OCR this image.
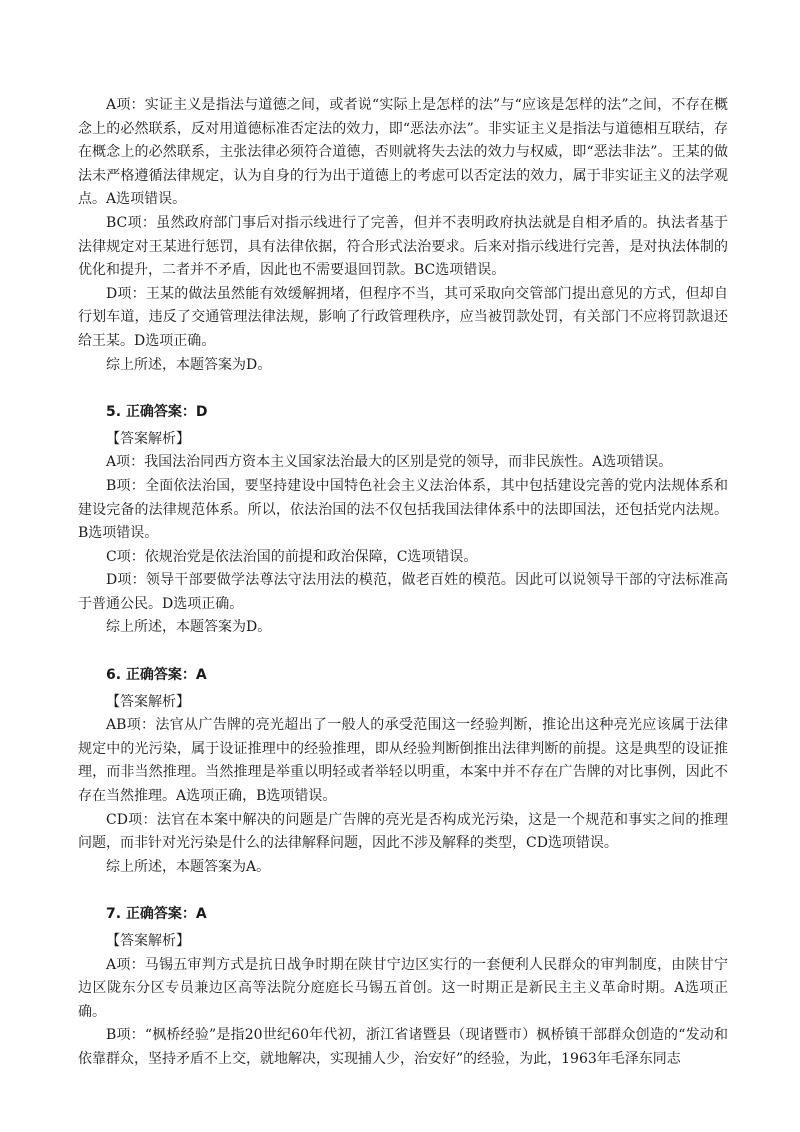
A项：实证主义是指法与道德之间，或者说“实际上是怎样的法”与“应该是怎样的法”之间，不存在概念上的必然联系，反对用道德标准否定法的效力，即“恶法亦法”。非实证主义是指法与道德相互联结，存在概念上的必然联系，主张法律必须符合道德，否则就将失去法的效力与权威，即“恶法非法”。王某的做法未严格遵循法律规定，认为自身的行为出于道德上的考虑可以否定法的效力，属于非实证主义的法学观点。A选项错误。

BC项：虽然政府部门事后对指示线进行了完善，但并不表明政府执法就是自相矛盾的。执法者基于法律规定对王某进行惩罚，具有法律依据，符合形式法治要求。后来对指示线进行完善，是对执法体制的优化和提升，二者并不矛盾，因此也不需要退回罚款。BC选项错误。

D项：王某的做法虽然能有效缓解拥堵，但程序不当，其可采取向交管部门提出意见的方式，但却自行划车道，违反了交通管理法律法规，影响了行政管理秩序，应当被罚款处罚，有关部门不应将罚款退还给王某。D选项正确。

综上所述，本题答案为D。

5. 正确答案：D

【答案解析】

A项：我国法治同西方资本主义国家法治最大的区别是党的领导，而非民族性。A选项错误。

B项：全面依法治国，要坚持建设中国特色社会主义法治体系，其中包括建设完善的党内法规体系和建设完备的法律规范体系。所以，依法治国的法不仅包括我国法律体系中的法即国法，还包括党内法规。B选项错误。

C项：依规治党是依法治国的前提和政治保障，C选项错误。

D项：领导干部要做学法尊法守法用法的模范，做老百姓的模范。因此可以说领导干部的守法标准高于普通公民。D选项正确。

综上所述，本题答案为D。

6. 正确答案：A

【答案解析】

AB项：法官从广告牌的亮光超出了一般人的承受范围这一经验判断，推论出这种亮光应该属于法律规定中的光污染，属于设证推理中的经验推理，即从经验判断倒推出法律判断的前提。这是典型的设证推理，而非当然推理。当然推理是举重以明轻或者举轻以明重，本案中并不存在广告牌的对比事例，因此不存在当然推理。A选项正确，B选项错误。

CD项：法官在本案中解决的问题是广告牌的亮光是否构成光污染，这是一个规范和事实之间的推理问题，而非针对光污染是什么的法律解释问题，因此不涉及解释的类型，CD选项错误。

综上所述，本题答案为A。

7. 正确答案：A

【答案解析】

A项：马锡五审判方式是抗日战争时期在陕甘宁边区实行的一套便利人民群众的审判制度，由陕甘宁边区陇东分区专员兼边区高等法院分庭庭长马锡五首创。这一时期正是新民主主义革命时期。A选项正确。

B项：“枫桥经验”是指20世纪60年代初，浙江省诸暨县（现诸暨市）枫桥镇干部群众创造的“发动和依靠群众，坚持矛盾不上交，就地解决，实现捕人少，治安好”的经验，为此，1963年毛泽东同志
